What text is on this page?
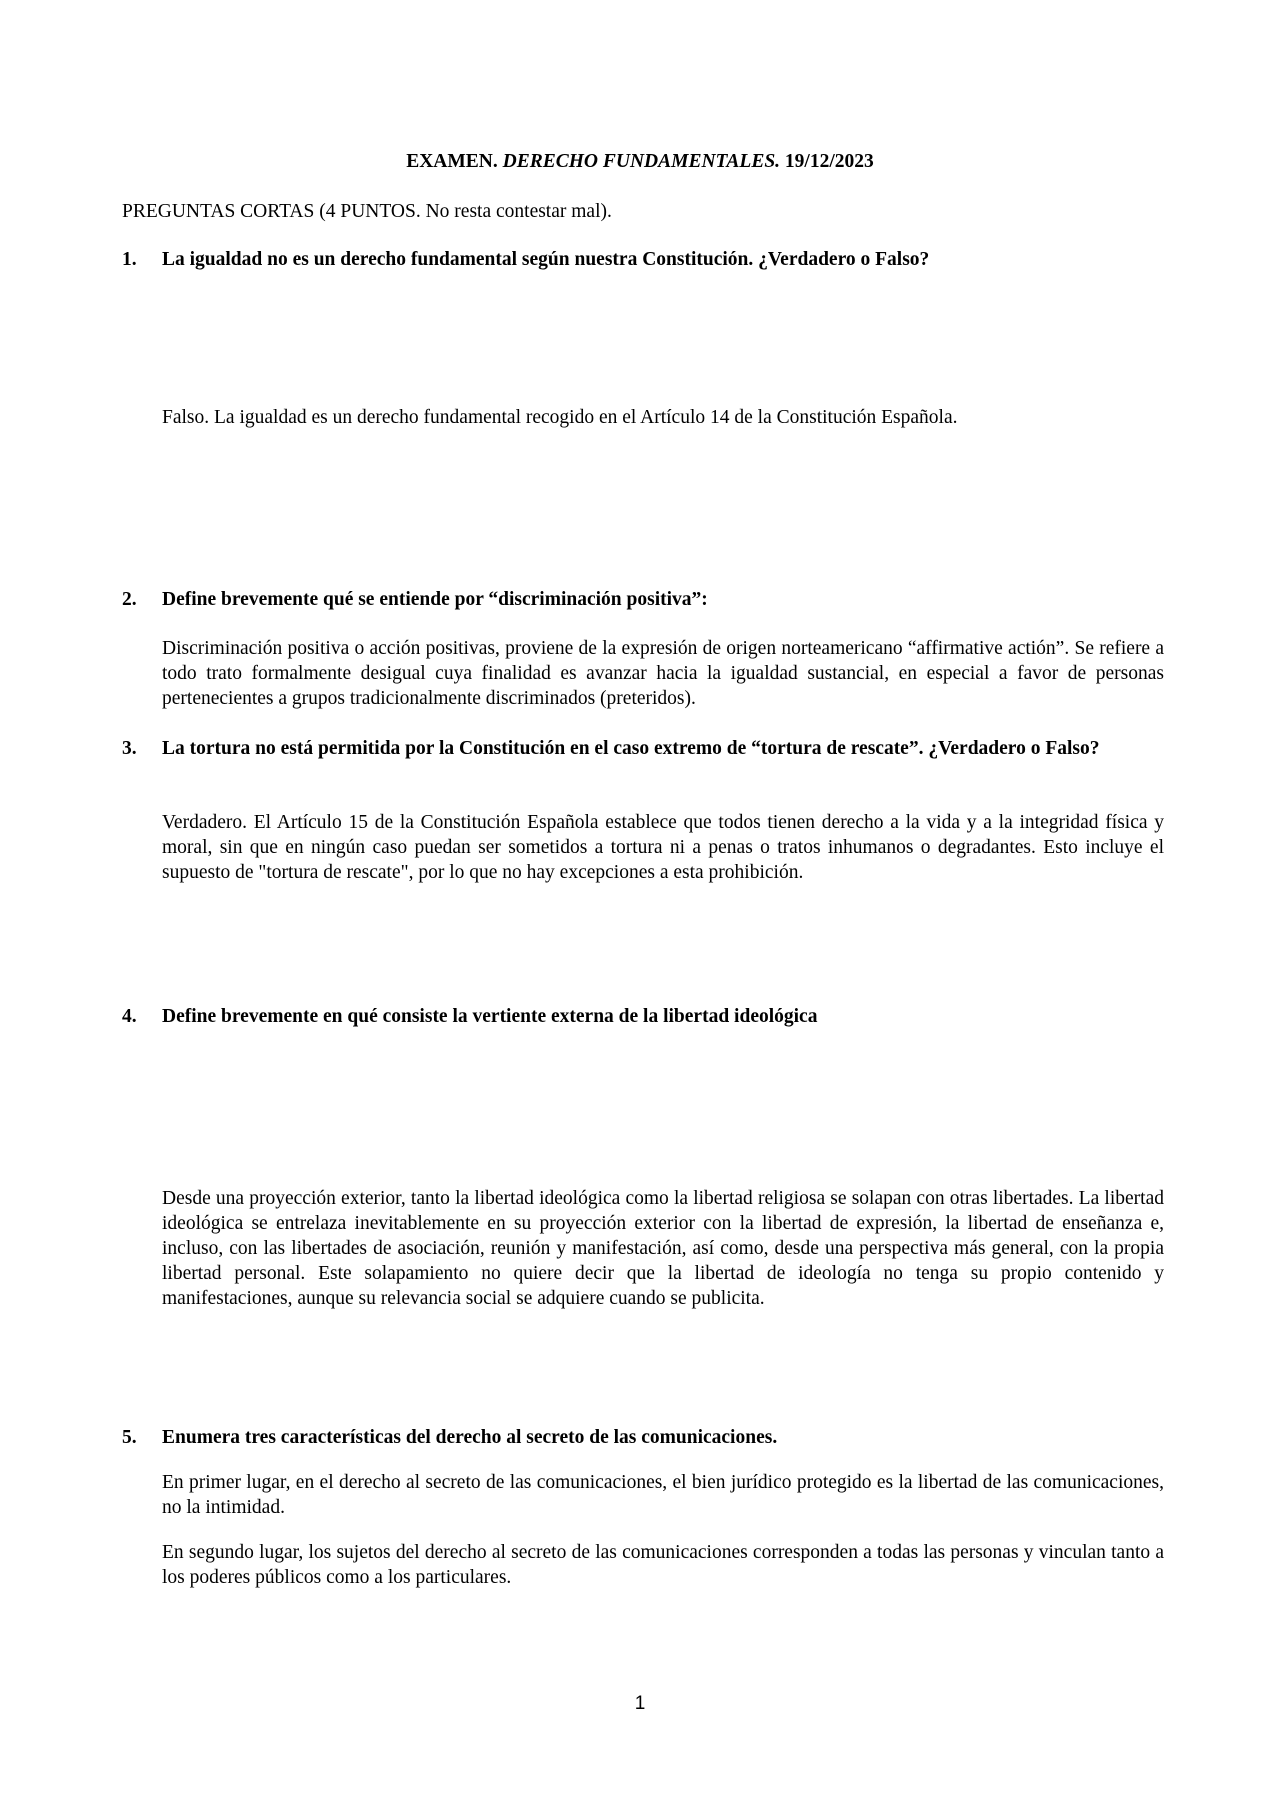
EXAMEN. DERECHO FUNDAMENTALES. 19/12/2023
PREGUNTAS CORTAS (4 PUNTOS. No resta contestar mal).
1.	La igualdad no es un derecho fundamental según nuestra Constitución. ¿Verdadero o Falso?
Falso. La igualdad es un derecho fundamental recogido en el Artículo 14 de la Constitución Española.
2.	Define brevemente qué se entiende por “discriminación positiva”:
Discriminación positiva o acción positivas, proviene de la expresión de origen norteamericano “affirmative actión”. Se refiere a todo trato formalmente desigual cuya finalidad es avanzar hacia la igualdad sustancial, en especial a favor de personas pertenecientes a grupos tradicionalmente discriminados (preteridos).
3.	La tortura no está permitida por la Constitución en el caso extremo de “tortura de rescate”. ¿Verdadero o Falso?
Verdadero. El Artículo 15 de la Constitución Española establece que todos tienen derecho a la vida y a la integridad física y moral, sin que en ningún caso puedan ser sometidos a tortura ni a penas o tratos inhumanos o degradantes. Esto incluye el supuesto de "tortura de rescate", por lo que no hay excepciones a esta prohibición.
4.	Define brevemente en qué consiste la vertiente externa de la libertad ideológica
Desde una proyección exterior, tanto la libertad ideológica como la libertad religiosa se solapan con otras libertades. La libertad ideológica se entrelaza inevitablemente en su proyección exterior con la libertad de expresión, la libertad de enseñanza e, incluso, con las libertades de asociación, reunión y manifestación, así como, desde una perspectiva más general, con la propia libertad personal. Este solapamiento no quiere decir que la libertad de ideología no tenga su propio contenido y manifestaciones, aunque su relevancia social se adquiere cuando se publicita.
5.	Enumera tres características del derecho al secreto de las comunicaciones.
En primer lugar, en el derecho al secreto de las comunicaciones, el bien jurídico protegido es la libertad de las comunicaciones, no la intimidad.
En segundo lugar, los sujetos del derecho al secreto de las comunicaciones corresponden a todas las personas y vinculan tanto a los poderes públicos como a los particulares.
1
